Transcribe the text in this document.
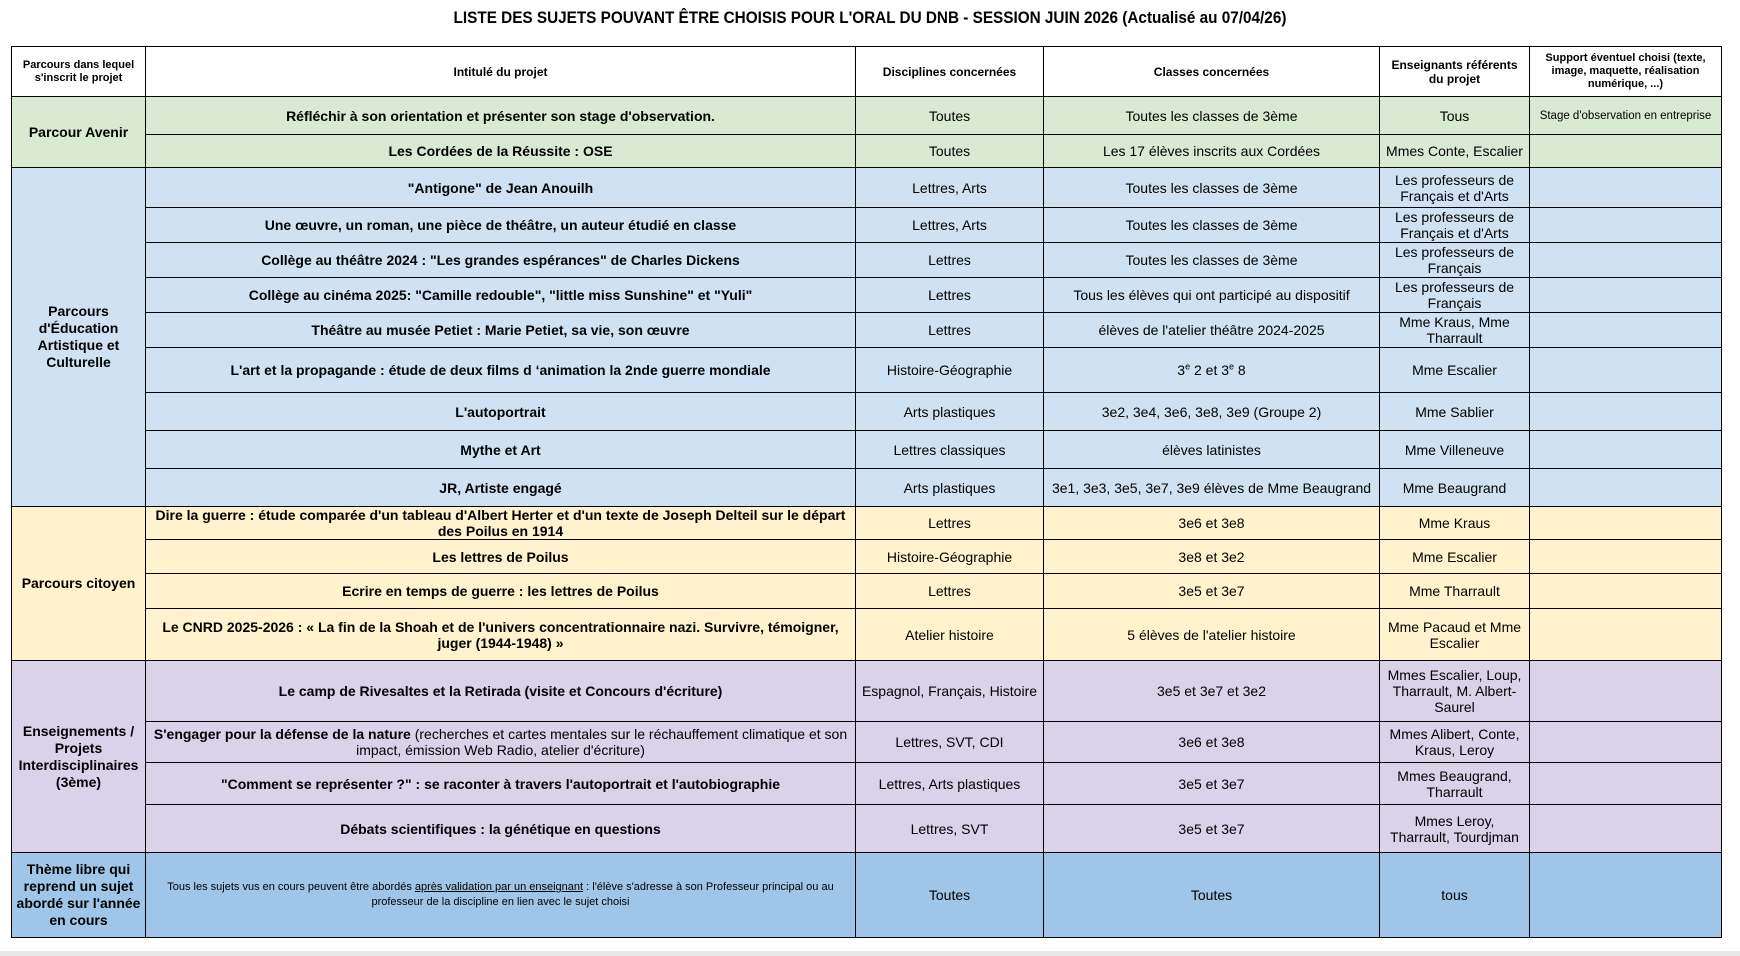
LISTE DES SUJETS POUVANT ÊTRE CHOISIS POUR L'ORAL DU DNB - SESSION JUIN 2026 (Actualisé au 07/04/26)
Parcours dans lequel s'inscrit le projet	Intitulé du projet	Disciplines concernées	Classes concernées	Enseignants référents du projet	Support éventuel choisi (texte, image, maquette, réalisation numérique, ...)
Parcour Avenir	Réfléchir à son orientation et présenter son stage d'observation.	Toutes	Toutes les classes de 3ème	Tous	Stage d'observation en entreprise
	Les Cordées de la Réussite : OSE	Toutes	Les 17 élèves inscrits aux Cordées	Mmes Conte, Escalier	
Parcours d'Éducation Artistique et Culturelle	"Antigone" de Jean Anouilh	Lettres, Arts	Toutes les classes de 3ème	Les professeurs de Français et d'Arts	
	Une œuvre, un roman, une pièce de théâtre, un auteur étudié en classe	Lettres, Arts	Toutes les classes de 3ème	Les professeurs de Français et d'Arts	
	Collège au théâtre 2024 : "Les grandes espérances" de Charles Dickens	Lettres	Toutes les classes de 3ème	Les professeurs de Français	
	Collège au cinéma 2025: "Camille redouble", "little miss Sunshine" et "Yuli"	Lettres	Tous les élèves qui ont participé au dispositif	Les professeurs de Français	
	Théâtre au musée Petiet : Marie Petiet, sa vie, son œuvre	Lettres	élèves de l'atelier théâtre 2024-2025	Mme Kraus, Mme Tharrault	
	L'art et la propagande : étude de deux films d ‘animation la 2nde guerre mondiale	Histoire-Géographie	3e 2 et 3e 8	Mme Escalier	
	L'autoportrait	Arts plastiques	3e2, 3e4, 3e6, 3e8, 3e9 (Groupe 2)	Mme Sablier	
	Mythe et Art	Lettres classiques	élèves latinistes	Mme Villeneuve	
	JR, Artiste engagé	Arts plastiques	3e1, 3e3, 3e5, 3e7, 3e9 élèves de Mme Beaugrand	Mme Beaugrand	
Parcours citoyen	Dire la guerre : étude comparée d'un tableau d'Albert Herter et d'un texte de Joseph Delteil sur le départ des Poilus en 1914	Lettres	3e6 et 3e8	Mme Kraus	
	Les lettres de Poilus	Histoire-Géographie	3e8 et 3e2	Mme Escalier	
	Ecrire en temps de guerre : les lettres de Poilus	Lettres	3e5 et 3e7	Mme Tharrault	
	Le CNRD 2025-2026 : « La fin de la Shoah et de l'univers concentrationnaire nazi. Survivre, témoigner, juger (1944-1948) »	Atelier histoire	5 élèves de l'atelier histoire	Mme Pacaud et Mme Escalier	
Enseignements / Projets Interdisciplinaires (3ème)	Le camp de Rivesaltes et la Retirada (visite et Concours d'écriture)	Espagnol, Français, Histoire	3e5 et 3e7 et 3e2	Mmes Escalier, Loup, Tharrault, M. Albert-Saurel	
	S'engager pour la défense de la nature (recherches et cartes mentales sur le réchauffement climatique et son impact, émission Web Radio, atelier d'écriture)	Lettres, SVT, CDI	3e6 et 3e8	Mmes Alibert, Conte, Kraus, Leroy	
	"Comment se représenter ?" : se raconter à travers l'autoportrait et l'autobiographie	Lettres, Arts plastiques	3e5 et 3e7	Mmes Beaugrand, Tharrault	
	Débats scientifiques : la génétique en questions	Lettres, SVT	3e5 et 3e7	Mmes Leroy, Tharrault, Tourdjman	
Thème libre qui reprend un sujet abordé sur l'année en cours	Tous les sujets vus en cours peuvent être abordés après validation par un enseignant : l'élève s'adresse à son Professeur principal ou au professeur de la discipline en lien avec le sujet choisi	Toutes	Toutes	tous	
